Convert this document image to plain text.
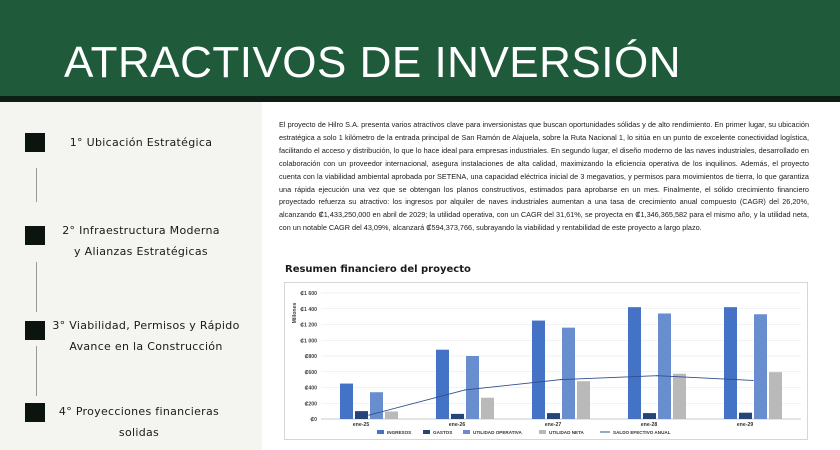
ATRACTIVOS DE INVERSIÓN
1° Ubicación Estratégica
2° Infraestructura Moderna
y Alianzas Estratégicas
3° Viabilidad, Permisos y Rápido
Avance en la Construcción
4° Proyecciones financieras
solidas
El proyecto de Hilro S.A. presenta varios atractivos clave para inversionistas que buscan oportunidades sólidas y de alto rendimiento. En primer lugar, su ubicación estratégica a solo 1 kilómetro de la entrada principal de San Ramón de Alajuela, sobre la Ruta Nacional 1, lo sitúa en un punto de excelente conectividad logística, facilitando el acceso y distribución, lo que lo hace ideal para empresas industriales. En segundo lugar, el diseño moderno de las naves industriales, desarrollado en colaboración con un proveedor internacional, asegura instalaciones de alta calidad, maximizando la eficiencia operativa de los inquilinos. Además, el proyecto cuenta con la viabilidad ambiental aprobada por SETENA, una capacidad eléctrica inicial de 3 megavatios, y permisos para movimientos de tierra, lo que garantiza una rápida ejecución una vez que se obtengan los planos constructivos, estimados para aprobarse en un mes. Finalmente, el sólido crecimiento financiero proyectado refuerza su atractivo: los ingresos por alquiler de naves industriales aumentan a una tasa de crecimiento anual compuesto (CAGR) del 26,20%, alcanzando ₡1,433,250,000 en abril de 2029; la utilidad operativa, con un CAGR del 31,61%, se proyecta en ₡1,346,365,582 para el mismo año, y la utilidad neta, con un notable CAGR del 43,09%, alcanzará ₡594,373,766, subrayando la viabilidad y rentabilidad de este proyecto a largo plazo.
Resumen financiero del proyecto
₡0
₡200
₡400
₡600
₡800
₡1 000
₡1 200
₡1 400
₡1 600
Millones
ene-25	ene-26	ene-27	ene-28	ene-29
INGRESOS	GASTOS	UTILIDAD OPERATIVA	UTILIDAD NETA	SALDO EFECTIVO ANUAL
